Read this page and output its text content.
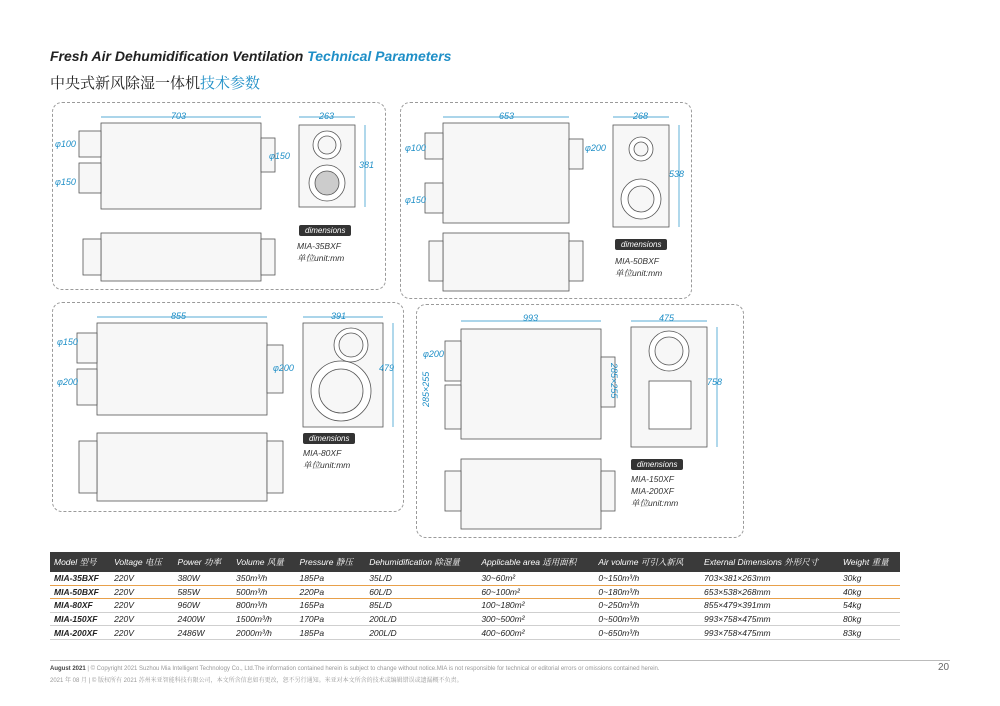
Fresh Air Dehumidification Ventilation Technical Parameters
中央式新风除湿一体机技术参数
703	263
381
φ100
φ150
φ150
dimensions
MIA-35BXF
单位unit:mm
653	268
538
φ100
φ150
φ200
dimensions
MIA-50BXF
单位unit:mm
855	391
479
φ150
φ200
φ200
dimensions
MIA-80XF
单位unit:mm
993	475
758
φ200
285×255	285×255
dimensions
MIA-150XF
MIA-200XF
单位unit:mm
Model 型号	Voltage 电压	Power 功率	Volume 风量	Pressure 静压	Dehumidification 除湿量	Applicable area 适用面积	Air volume 可引入新风	External Dimensions 外形尺寸	Weight 重量
MIA-35BXF	220V	380W	350m³/h	185Pa	35L/D	30~60m²	0~150m³/h	703×381×263mm	30kg
MIA-50BXF	220V	585W	500m³/h	220Pa	60L/D	60~100m²	0~180m³/h	653×538×268mm	40kg
MIA-80XF	220V	960W	800m³/h	165Pa	85L/D	100~180m²	0~250m³/h	855×479×391mm	54kg
MIA-150XF	220V	2400W	1500m³/h	170Pa	200L/D	300~500m²	0~500m³/h	993×758×475mm	80kg
MIA-200XF	220V	2486W	2000m³/h	185Pa	200L/D	400~600m²	0~650m³/h	993×758×475mm	83kg
August 2021 | © Copyright 2021 Suzhou Mia Intelligent Technology Co., Ltd.The information contained herein is subject to change without notice.MIA is not responsible for technical or editorial errors or omissions contained herein.
2021 年 08 月 | © 版权所有 2021 苏州米亚智能科技有限公司，本文所含信息如有更改，恕不另行通知。米亚对本文所含的技术或编辑错误或遗漏概不负责。
20
